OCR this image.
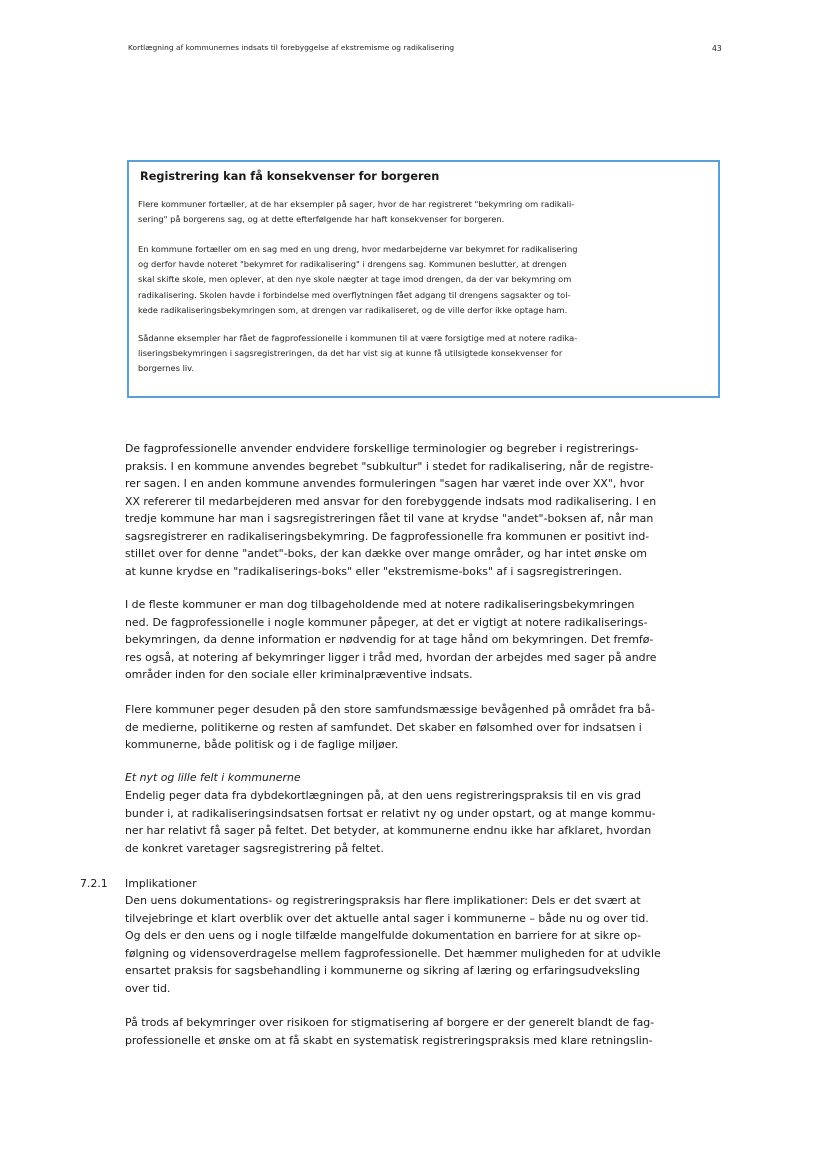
Kortlægning af kommunernes indsats til forebyggelse af ekstremisme og radikalisering	43
Registrering kan få konsekvenser for borgeren

Flere kommuner fortæller, at de har eksempler på sager, hvor de har registreret "bekymring om radikali-
sering" på borgerens sag, og at dette efterfølgende har haft konsekvenser for borgeren.

En kommune fortæller om en sag med en ung dreng, hvor medarbejderne var bekymret for radikalisering
og derfor havde noteret "bekymret for radikalisering" i drengens sag. Kommunen beslutter, at drengen
skal skifte skole, men oplever, at den nye skole nægter at tage imod drengen, da der var bekymring om
radikalisering. Skolen havde i forbindelse med overflytningen fået adgang til drengens sagsakter og tol-
kede radikaliseringsbekymringen som, at drengen var radikaliseret, og de ville derfor ikke optage ham.

Sådanne eksempler har fået de fagprofessionelle i kommunen til at være forsigtige med at notere radika-
liseringsbekymringen i sagsregistreringen, da det har vist sig at kunne få utilsigtede konsekvenser for
borgernes liv.

De fagprofessionelle anvender endvidere forskellige terminologier og begreber i registrerings-
praksis. I en kommune anvendes begrebet "subkultur" i stedet for radikalisering, når de registre-
rer sagen. I en anden kommune anvendes formuleringen "sagen har været inde over XX", hvor
XX refererer til medarbejderen med ansvar for den forebyggende indsats mod radikalisering. I en
tredje kommune har man i sagsregistreringen fået til vane at krydse "andet"-boksen af, når man
sagsregistrerer en radikaliseringsbekymring. De fagprofessionelle fra kommunen er positivt ind-
stillet over for denne "andet"-boks, der kan dække over mange områder, og har intet ønske om
at kunne krydse en "radikaliserings-boks" eller "ekstremisme-boks" af i sagsregistreringen.

I de fleste kommuner er man dog tilbageholdende med at notere radikaliseringsbekymringen
ned. De fagprofessionelle i nogle kommuner påpeger, at det er vigtigt at notere radikaliserings-
bekymringen, da denne information er nødvendig for at tage hånd om bekymringen. Det fremfø-
res også, at notering af bekymringer ligger i tråd med, hvordan der arbejdes med sager på andre
områder inden for den sociale eller kriminalpræventive indsats.

Flere kommuner peger desuden på den store samfundsmæssige bevågenhed på området fra bå-
de medierne, politikerne og resten af samfundet. Det skaber en følsomhed over for indsatsen i
kommunerne, både politisk og i de faglige miljøer.

Et nyt og lille felt i kommunerne

Endelig peger data fra dybdekortlægningen på, at den uens registreringspraksis til en vis grad
bunder i, at radikaliseringsindsatsen fortsat er relativt ny og under opstart, og at mange kommu-
ner har relativt få sager på feltet. Det betyder, at kommunerne endnu ikke har afklaret, hvordan
de konkret varetager sagsregistrering på feltet.

7.2.1 Implikationer

Den uens dokumentations- og registreringspraksis har flere implikationer: Dels er det svært at
tilvejebringe et klart overblik over det aktuelle antal sager i kommunerne – både nu og over tid.
Og dels er den uens og i nogle tilfælde mangelfulde dokumentation en barriere for at sikre op-
følgning og vidensoverdragelse mellem fagprofessionelle. Det hæmmer muligheden for at udvikle
ensartet praksis for sagsbehandling i kommunerne og sikring af læring og erfaringsudveksling
over tid.

På trods af bekymringer over risikoen for stigmatisering af borgere er der generelt blandt de fag-
professionelle et ønske om at få skabt en systematisk registreringspraksis med klare retningslin-
